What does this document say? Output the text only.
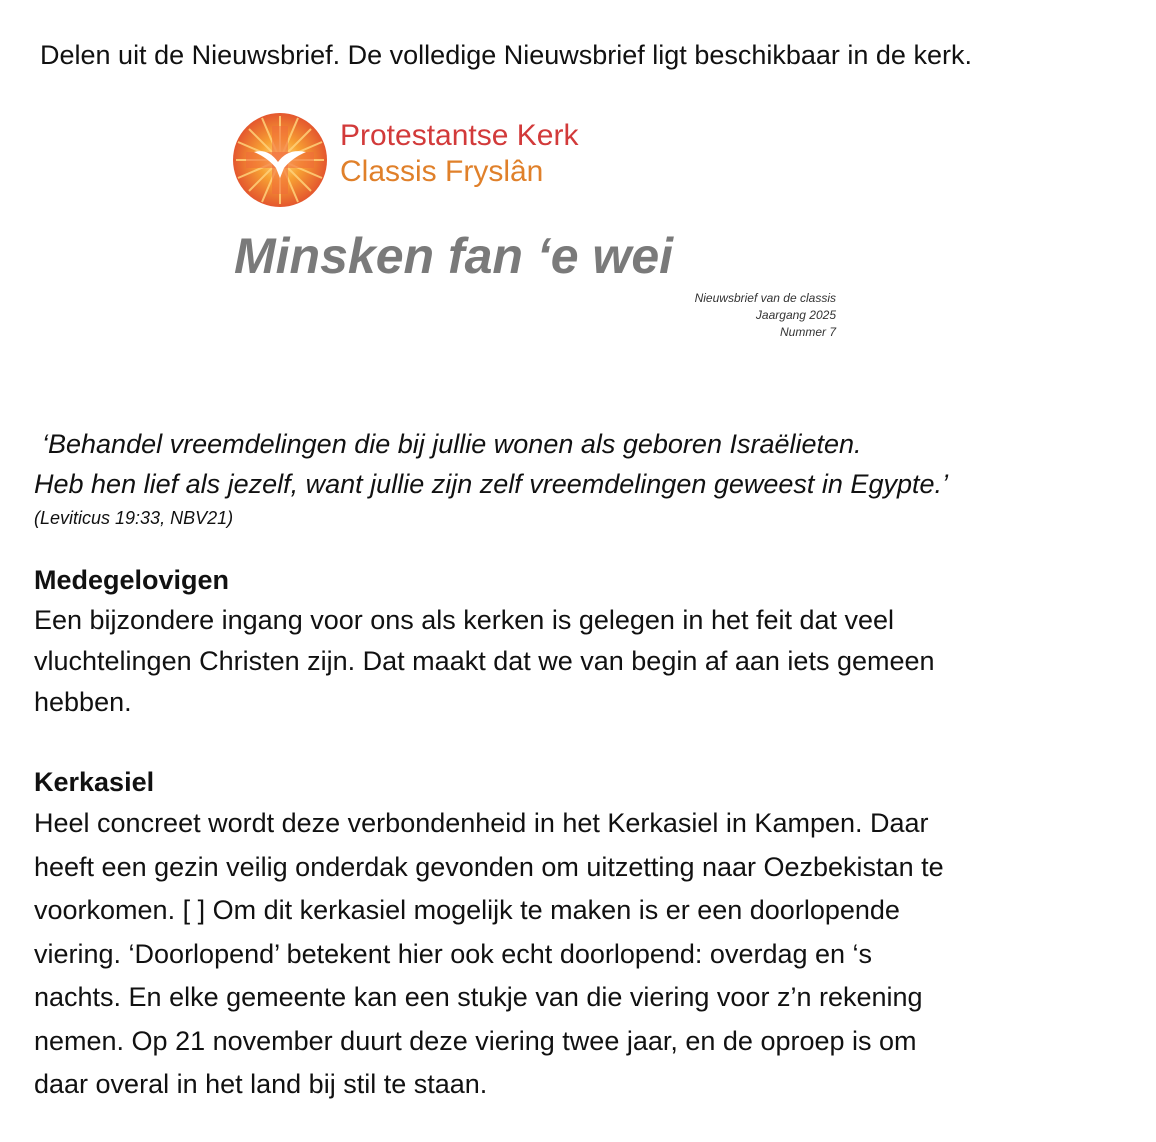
Delen uit de Nieuwsbrief. De volledige Nieuwsbrief ligt beschikbaar in de kerk.
Protestantse Kerk
Classis Fryslân
Minsken fan ‘e wei
Nieuwsbrief van de classis
Jaargang 2025
Nummer 7
‘Behandel vreemdelingen die bij jullie wonen als geboren Israëlieten.
Heb hen lief als jezelf, want jullie zijn zelf vreemdelingen geweest in Egypte.’
(Leviticus 19:33, NBV21)
Medegelovigen

Een bijzondere ingang voor ons als kerken is gelegen in het feit dat veel
vluchtelingen Christen zijn. Dat maakt dat we van begin af aan iets gemeen
hebben.

Kerkasiel

Heel concreet wordt deze verbondenheid in het Kerkasiel in Kampen. Daar
heeft een gezin veilig onderdak gevonden om uitzetting naar Oezbekistan te
voorkomen. [ ] Om dit kerkasiel mogelijk te maken is er een doorlopende
viering. ‘Doorlopend’ betekent hier ook echt doorlopend: overdag en ‘s
nachts. En elke gemeente kan een stukje van die viering voor z’n rekening
nemen. Op 21 november duurt deze viering twee jaar, en de oproep is om
daar overal in het land bij stil te staan.
